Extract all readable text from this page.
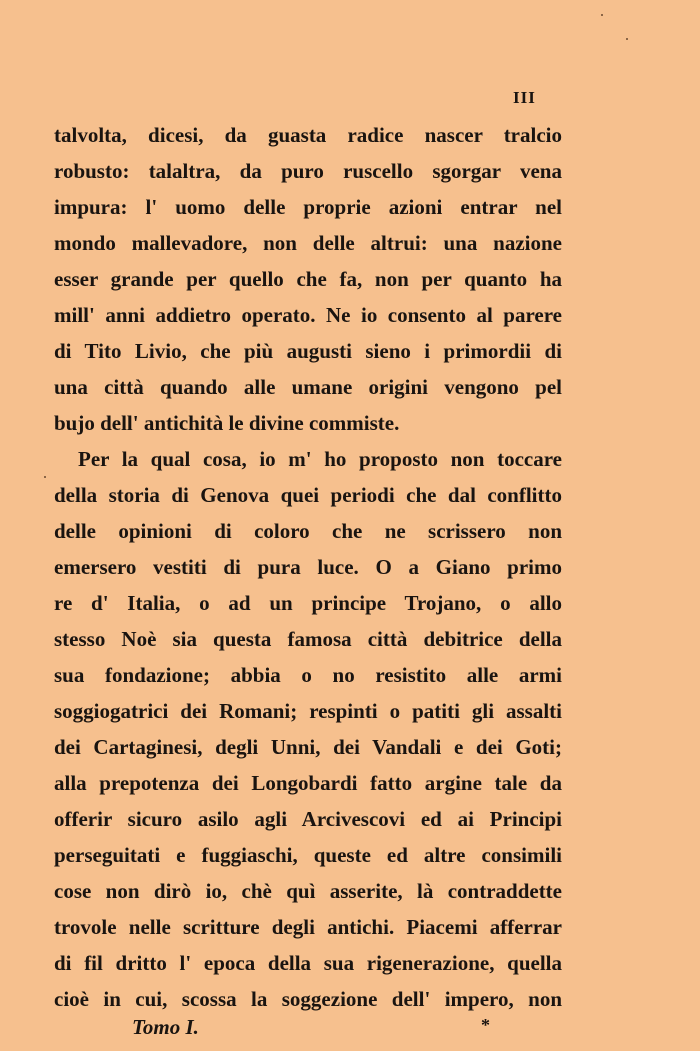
III
talvolta, dicesi, da guasta radice nascer tralcio
robusto: talaltra, da puro ruscello sgorgar vena
impura: l' uomo delle proprie azioni entrar nel
mondo mallevadore, non delle altrui: una nazione
esser grande per quello che fa, non per quanto ha
mill' anni addietro operato. Ne io consento al parere
di Tito Livio, che più augusti sieno i primordii di
una città quando alle umane origini vengono pel
bujo dell' antichità le divine commiste.
Per la qual cosa, io m' ho proposto non toccare
della storia di Genova quei periodi che dal conflitto
delle opinioni di coloro che ne scrissero non
emersero vestiti di pura luce. O a Giano primo
re d' Italia, o ad un principe Trojano, o allo
stesso Noè sia questa famosa città debitrice della
sua fondazione; abbia o no resistito alle armi
soggiogatrici dei Romani; respinti o patiti gli assalti
dei Cartaginesi, degli Unni, dei Vandali e dei Goti;
alla prepotenza dei Longobardi fatto argine tale da
offerir sicuro asilo agli Arcivescovi ed ai Principi
perseguitati e fuggiaschi, queste ed altre consimili
cose non dirò io, chè quì asserite, là contraddette
trovole nelle scritture degli antichi. Piacemi afferrar
di fil dritto l' epoca della sua rigenerazione, quella
cioè in cui, scossa la soggezione dell' impero, non
Tomo I.	*
